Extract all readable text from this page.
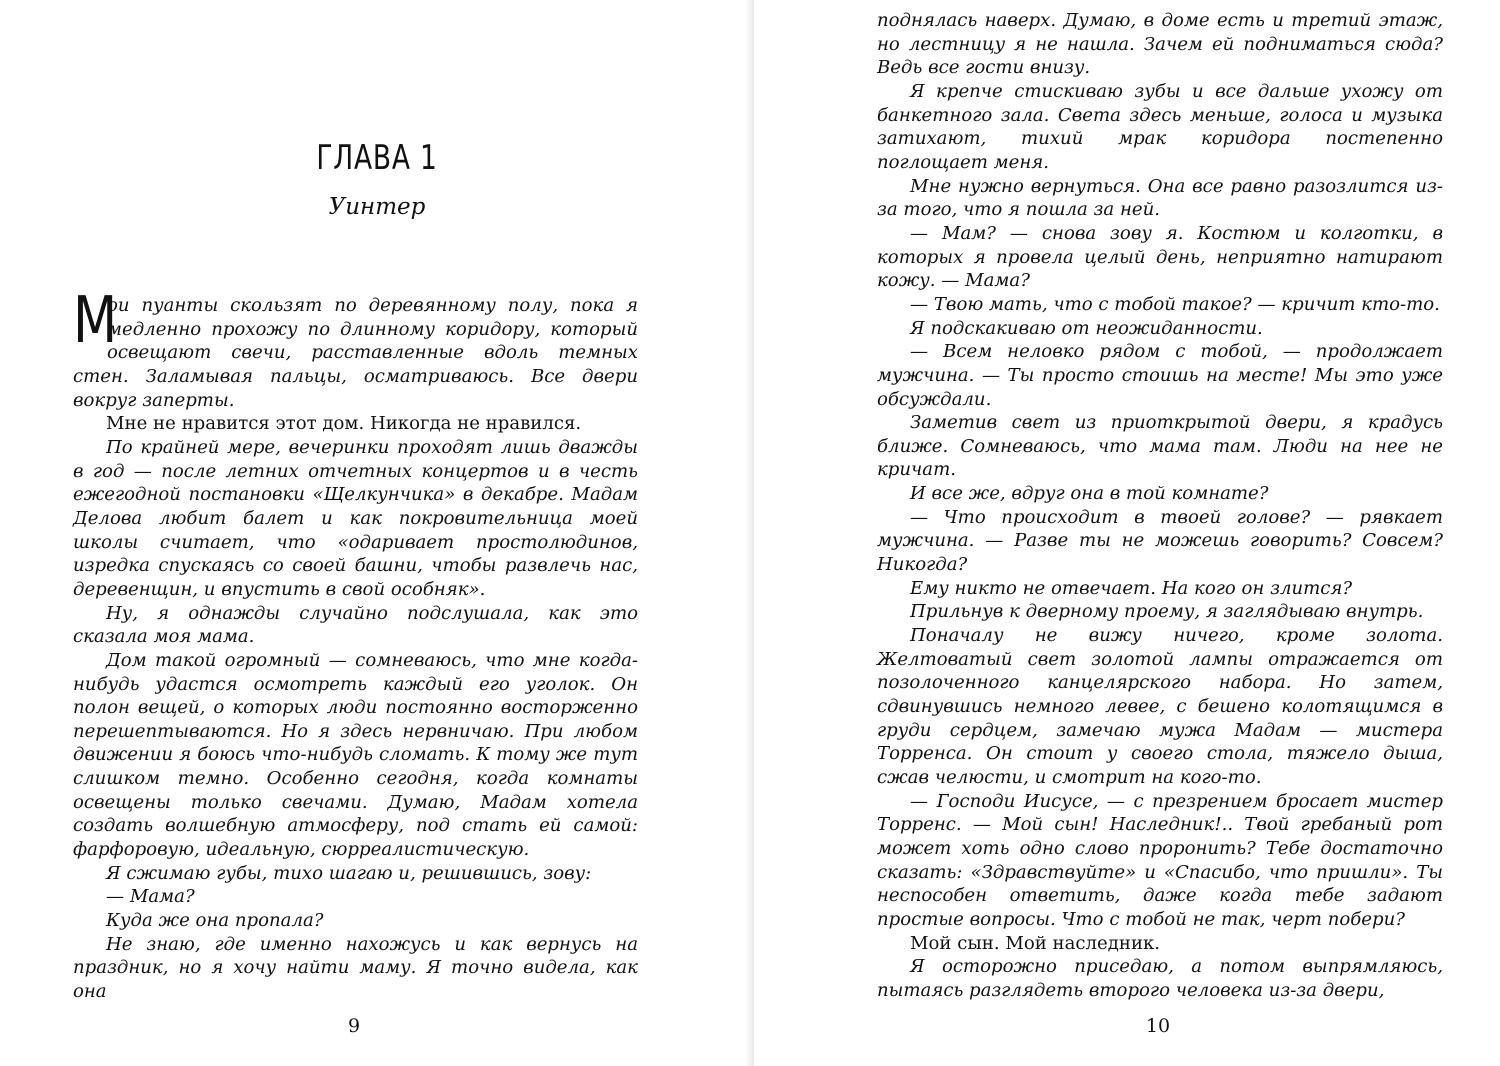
ГЛАВА 1
Уинтер

М
ои пуанты скользят по деревянному полу, пока я медленно прохожу по длинному коридору, который освещают свечи, расставленные вдоль темных стен. Заламывая пальцы, осматриваюсь. Все двери вокруг заперты.

Мне не нравится этот дом. Никогда не нравился.

По крайней мере, вечеринки проходят лишь дважды в год — после летних отчетных концертов и в честь ежегодной постановки «Щелкунчика» в декабре. Мадам Делова любит балет и как покровительница моей школы считает, что «одаривает простолюдинов, изредка спускаясь со своей башни, чтобы развлечь нас, деревенщин, и впустить в свой особняк».

Ну, я однажды случайно подслушала, как это сказала моя мама.

Дом такой огромный — сомневаюсь, что мне когда-нибудь удастся осмотреть каждый его уголок. Он полон вещей, о которых люди постоянно восторженно перешептываются. Но я здесь нервничаю. При любом движении я боюсь что-нибудь сломать. К тому же тут слишком темно. Особенно сегодня, когда комнаты освещены только свечами. Думаю, Мадам хотела создать волшебную атмосферу, под стать ей самой: фарфоровую, идеальную, сюрреалистическую.

Я сжимаю губы, тихо шагаю и, решившись, зову:

— Мама?

Куда же она пропала?

Не знаю, где именно нахожусь и как вернусь на праздник, но я хочу найти маму. Я точно видела, как она

9

поднялась наверх. Думаю, в доме есть и третий этаж, но лестницу я не нашла. Зачем ей подниматься сюда? Ведь все гости внизу.

Я крепче стискиваю зубы и все дальше ухожу от банкетного зала. Света здесь меньше, голоса и музыка затихают, тихий мрак коридора постепенно поглощает меня.

Мне нужно вернуться. Она все равно разозлится из-за того, что я пошла за ней.

— Мам? — снова зову я. Костюм и колготки, в которых я провела целый день, неприятно натирают кожу. — Мама?

— Твою мать, что с тобой такое? — кричит кто-то.

Я подскакиваю от неожиданности.

— Всем неловко рядом с тобой, — продолжает мужчина. — Ты просто стоишь на месте! Мы это уже обсуждали.

Заметив свет из приоткрытой двери, я крадусь ближе. Сомневаюсь, что мама там. Люди на нее не кричат.

И все же, вдруг она в той комнате?

— Что происходит в твоей голове? — рявкает мужчина. — Разве ты не можешь говорить? Совсем? Никогда?

Ему никто не отвечает. На кого он злится?

Прильнув к дверному проему, я заглядываю внутрь.

Поначалу не вижу ничего, кроме золота. Желтоватый свет золотой лампы отражается от позолоченного канцелярского набора. Но затем, сдвинувшись немного левее, с бешено колотящимся в груди сердцем, замечаю мужа Мадам — мистера Торренса. Он стоит у своего стола, тяжело дыша, сжав челюсти, и смотрит на кого-то.

— Господи Иисусе, — с презрением бросает мистер Торренс. — Мой сын! Наследник!.. Твой гребаный рот может хоть одно слово проронить? Тебе достаточно сказать: «Здравствуйте» и «Спасибо, что пришли». Ты неспособен ответить, даже когда тебе задают простые вопросы. Что с тобой не так, черт побери?

Мой сын. Мой наследник.

Я осторожно приседаю, а потом выпрямляюсь, пытаясь разглядеть второго человека из-за двери,

10
